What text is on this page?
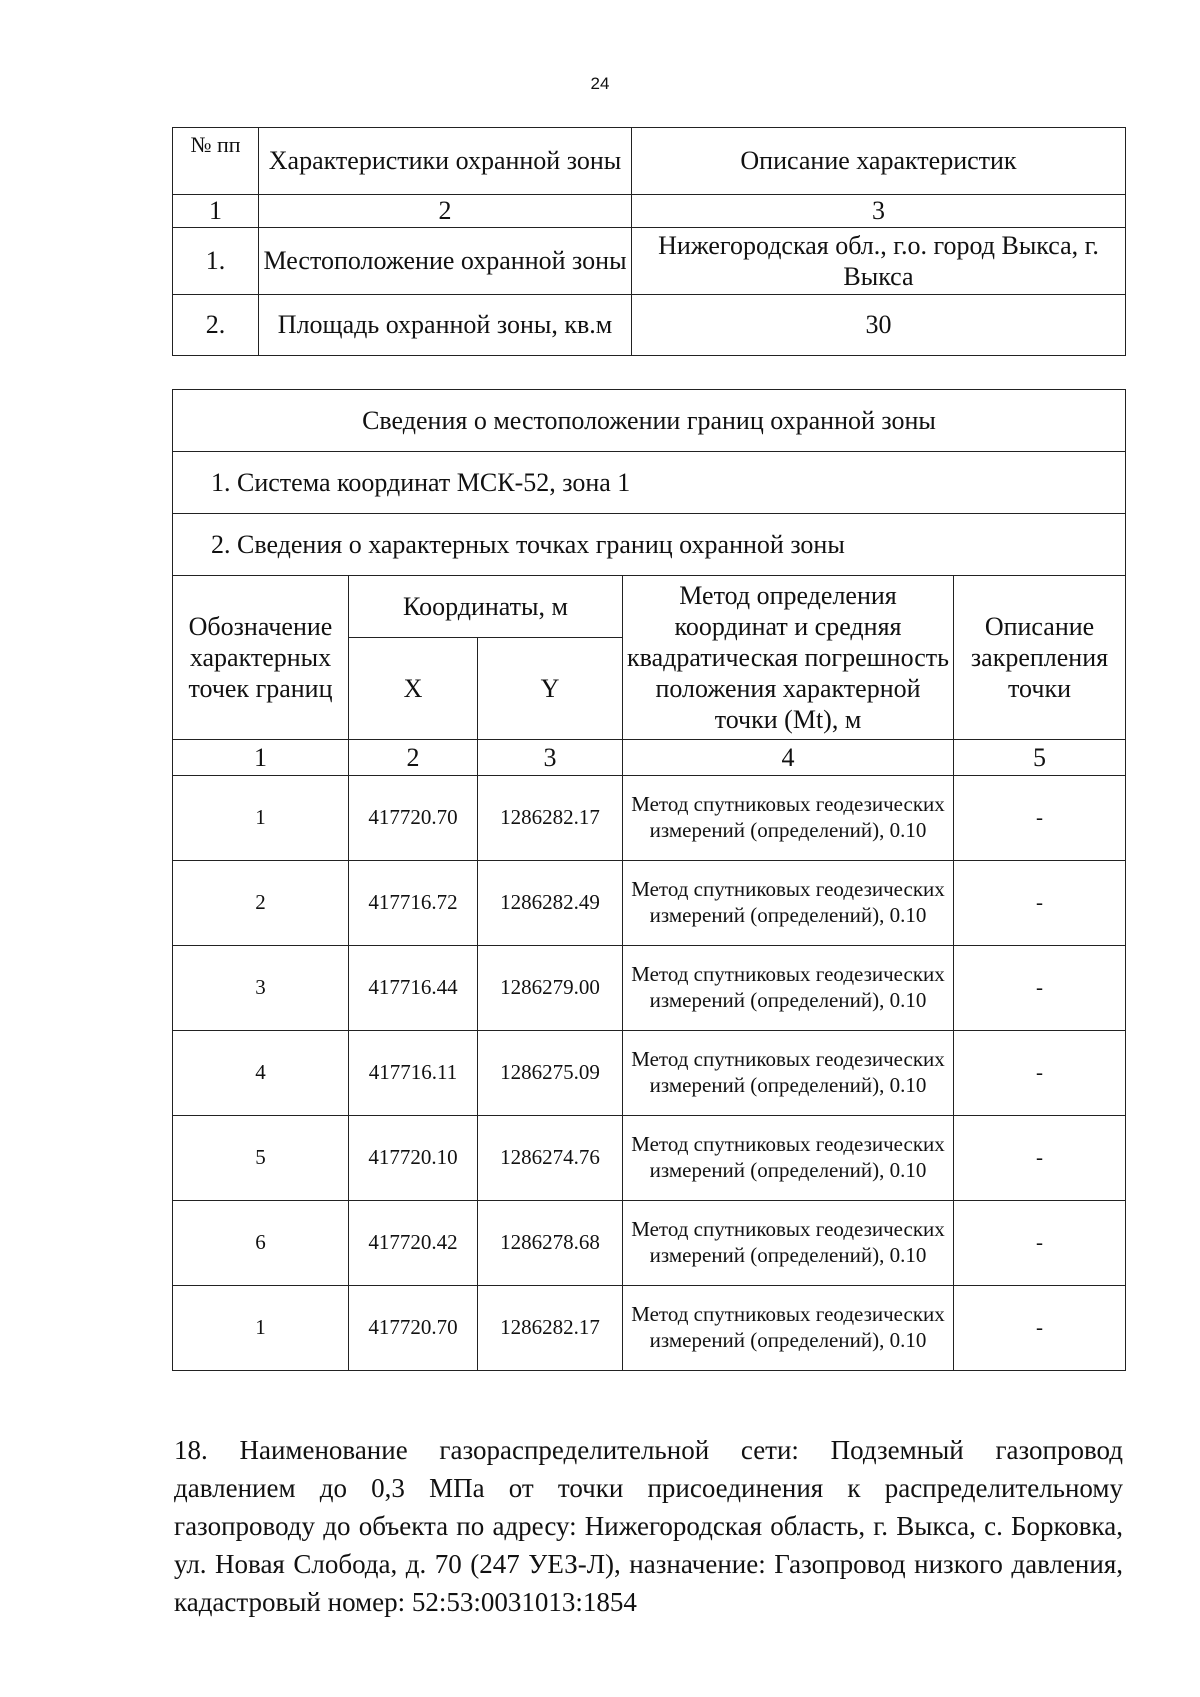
24
№ пп	Характеристики охранной зоны	Описание характеристик
1	2	3
1.	Местоположение охранной зоны	Нижегородская обл., г.о. город Выкса, г. Выкса
2.	Площадь охранной зоны, кв.м	30
Сведения о местоположении границ охранной зоны				
1. Система координат МСК-52, зона 1				
2. Сведения о характерных точках границ охранной зоны				
Обозначение характерных точек границ	Координаты, м		Метод определения координат и средняя квадратическая погрешность положения характерной точки (Mt), м	Описание закрепления точки
	X	Y		
1	2	3	4	5
1	417720.70	1286282.17	Метод спутниковых геодезических измерений (определений), 0.10	-
2	417716.72	1286282.49	Метод спутниковых геодезических измерений (определений), 0.10	-
3	417716.44	1286279.00	Метод спутниковых геодезических измерений (определений), 0.10	-
4	417716.11	1286275.09	Метод спутниковых геодезических измерений (определений), 0.10	-
5	417720.10	1286274.76	Метод спутниковых геодезических измерений (определений), 0.10	-
6	417720.42	1286278.68	Метод спутниковых геодезических измерений (определений), 0.10	-
1	417720.70	1286282.17	Метод спутниковых геодезических измерений (определений), 0.10	-

18. Наименование газораспределительной сети: Подземный газопровод давлением до 0,3 МПа от точки присоединения к распределительному газопроводу до объекта по адресу: Нижегородская область, г. Выкса, с. Борковка, ул. Новая Слобода, д. 70 (247 УЕЗ-Л), назначение: Газопровод низкого давления, кадастровый номер: 52:53:0031013:1854
